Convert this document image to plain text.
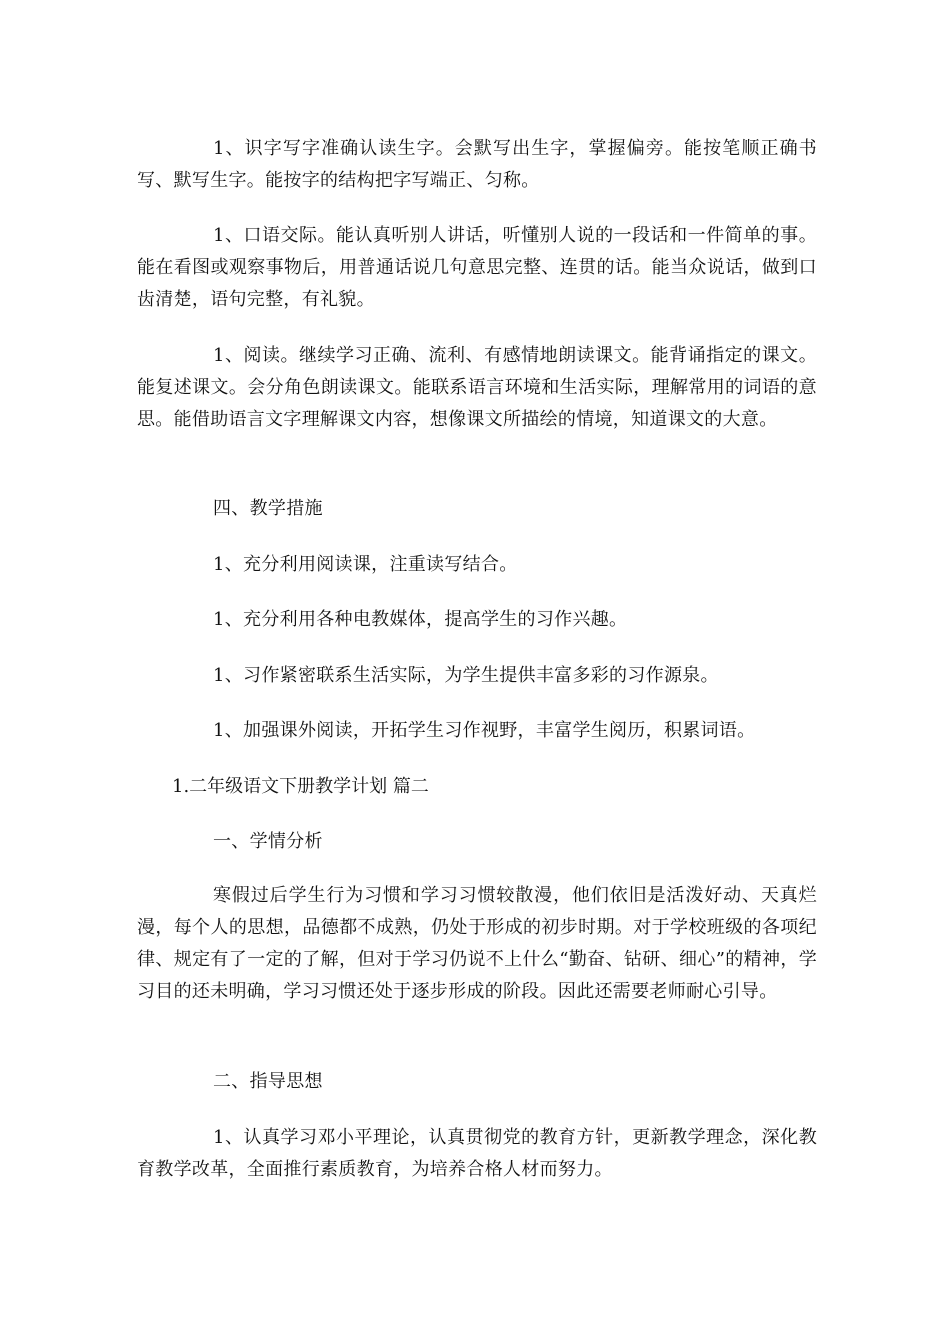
1、识字写字准确认读生字。会默写出生字，掌握偏旁。能按笔顺正确书写、默写生字。能按字的结构把字写端正、匀称。

1、口语交际。能认真听别人讲话，听懂别人说的一段话和一件简单的事。能在看图或观察事物后，用普通话说几句意思完整、连贯的话。能当众说话，做到口齿清楚，语句完整，有礼貌。

1、阅读。继续学习正确、流利、有感情地朗读课文。能背诵指定的课文。能复述课文。会分角色朗读课文。能联系语言环境和生活实际，理解常用的词语的意思。能借助语言文字理解课文内容，想像课文所描绘的情境，知道课文的大意。

四、教学措施

1、充分利用阅读课，注重读写结合。

1、充分利用各种电教媒体，提高学生的习作兴趣。

1、习作紧密联系生活实际，为学生提供丰富多彩的习作源泉。

1、加强课外阅读，开拓学生习作视野，丰富学生阅历，积累词语。

1.二年级语文下册教学计划 篇二

一、学情分析

寒假过后学生行为习惯和学习习惯较散漫，他们依旧是活泼好动、天真烂漫，每个人的思想，品德都不成熟，仍处于形成的初步时期。对于学校班级的各项纪律、规定有了一定的了解，但对于学习仍说不上什么“勤奋、钻研、细心”的精神，学习目的还未明确，学习习惯还处于逐步形成的阶段。因此还需要老师耐心引导。

二、指导思想

1、认真学习邓小平理论，认真贯彻党的教育方针，更新教学理念，深化教育教学改革，全面推行素质教育，为培养合格人材而努力。
